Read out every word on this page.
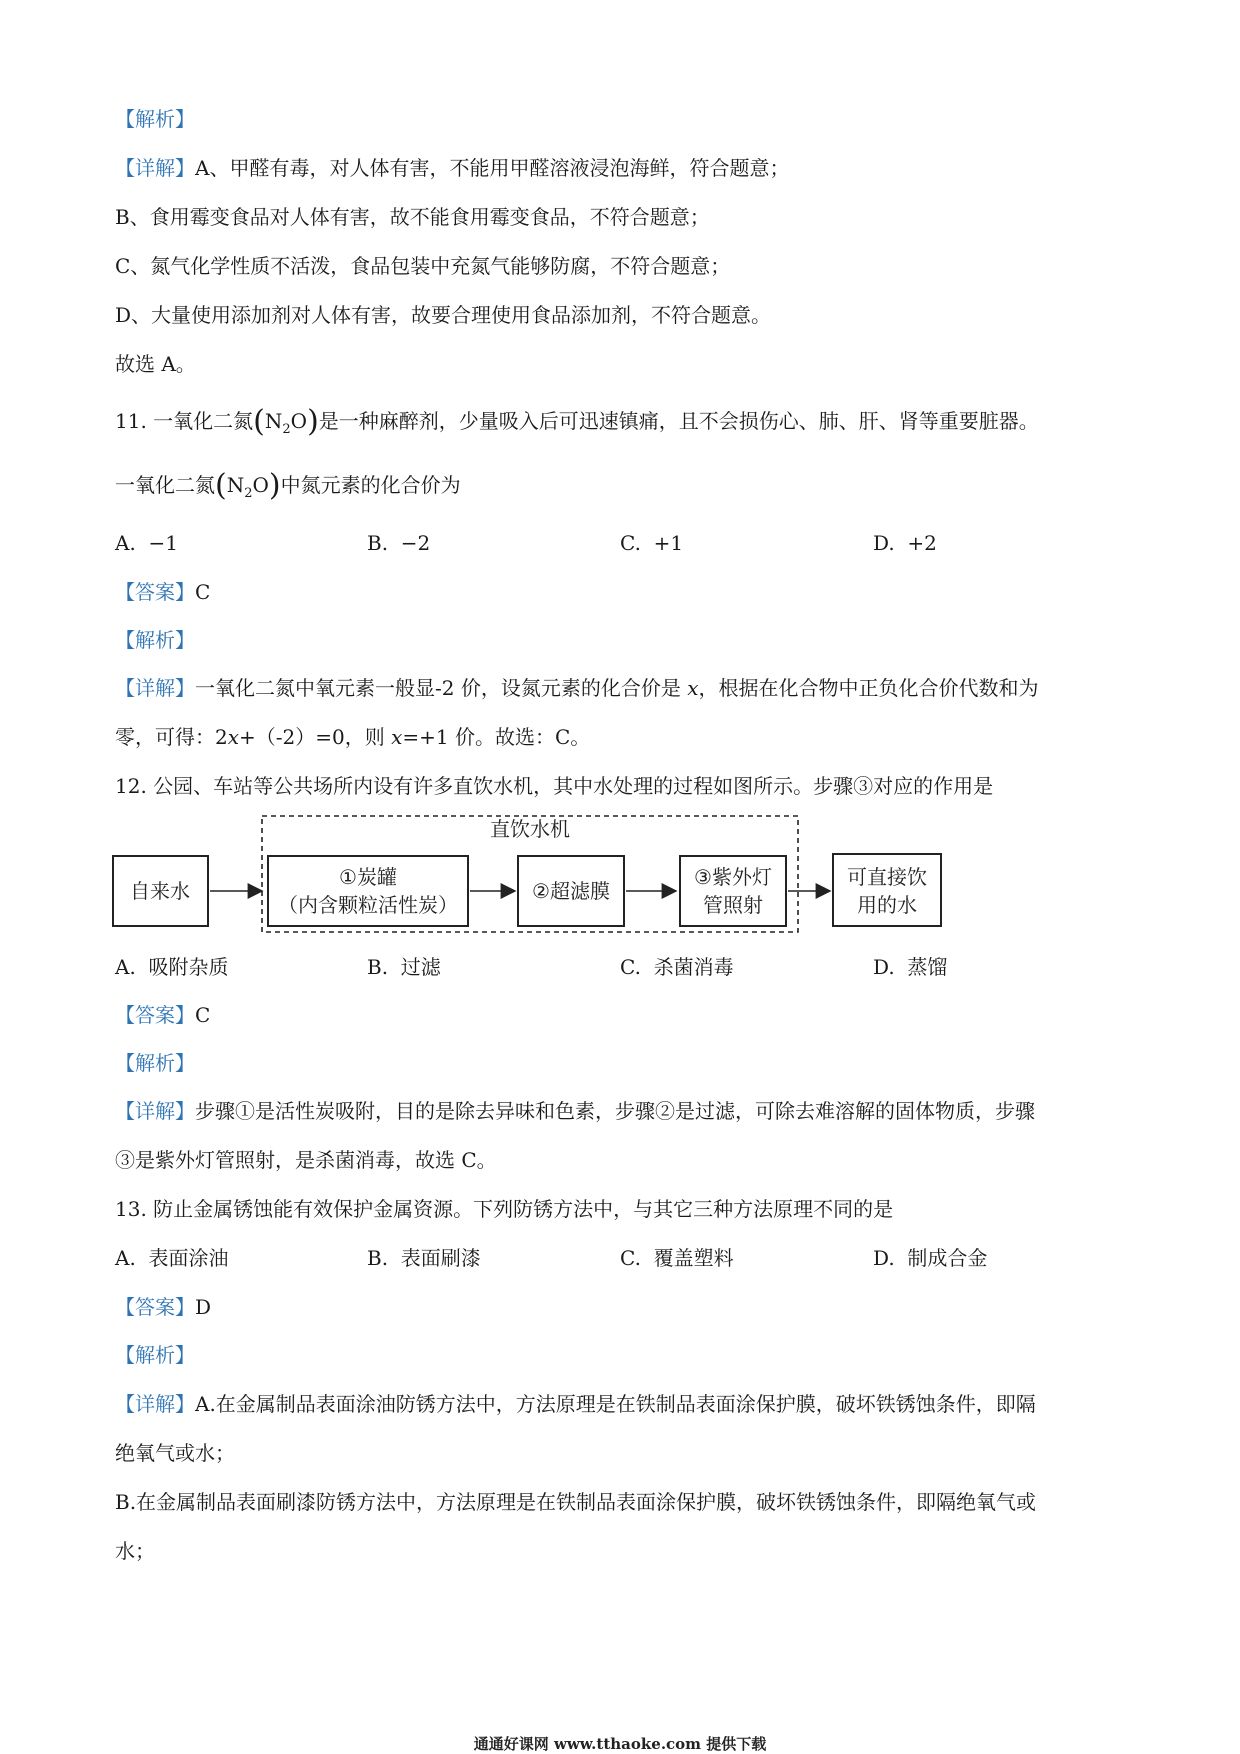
【解析】
【详解】A、甲醛有毒，对人体有害，不能用甲醛溶液浸泡海鲜，符合题意；
B、食用霉变食品对人体有害，故不能食用霉变食品，不符合题意；
C、氮气化学性质不活泼，食品包装中充氮气能够防腐，不符合题意；
D、大量使用添加剂对人体有害，故要合理使用食品添加剂，不符合题意。
故选 A。
11. 一氧化二氮$(N_2O)$是一种麻醉剂，少量吸入后可迅速镇痛，且不会损伤心、肺、肝、肾等重要脏器。
一氧化二氮$(N_2O)$中氮元素的化合价为
A. −1	B. −2	C. +1	D. +2
【答案】C
【解析】
【详解】一氧化二氮中氧元素一般显-2 价，设氮元素的化合价是 x，根据在化合物中正负化合价代数和为
零，可得：2x+（-2）=0，则 x=+1 价。故选：C。
12. 公园、车站等公共场所内设有许多直饮水机，其中水处理的过程如图所示。步骤③对应的作用是
直饮水机
自来水
①炭罐
（内含颗粒活性炭）
②超滤膜
③紫外灯
管照射
可直接饮
用的水
A. 吸附杂质	B. 过滤	C. 杀菌消毒	D. 蒸馏
【答案】C
【解析】
【详解】步骤①是活性炭吸附，目的是除去异味和色素，步骤②是过滤，可除去难溶解的固体物质，步骤
③是紫外灯管照射，是杀菌消毒，故选 C。
13. 防止金属锈蚀能有效保护金属资源。下列防锈方法中，与其它三种方法原理不同的是
A. 表面涂油	B. 表面刷漆	C. 覆盖塑料	D. 制成合金
【答案】D
【解析】
【详解】A.在金属制品表面涂油防锈方法中，方法原理是在铁制品表面涂保护膜，破坏铁锈蚀条件，即隔
绝氧气或水；
B.在金属制品表面刷漆防锈方法中，方法原理是在铁制品表面涂保护膜，破坏铁锈蚀条件，即隔绝氧气或
水；
通通好课网 www.tthaoke.com 提供下载
